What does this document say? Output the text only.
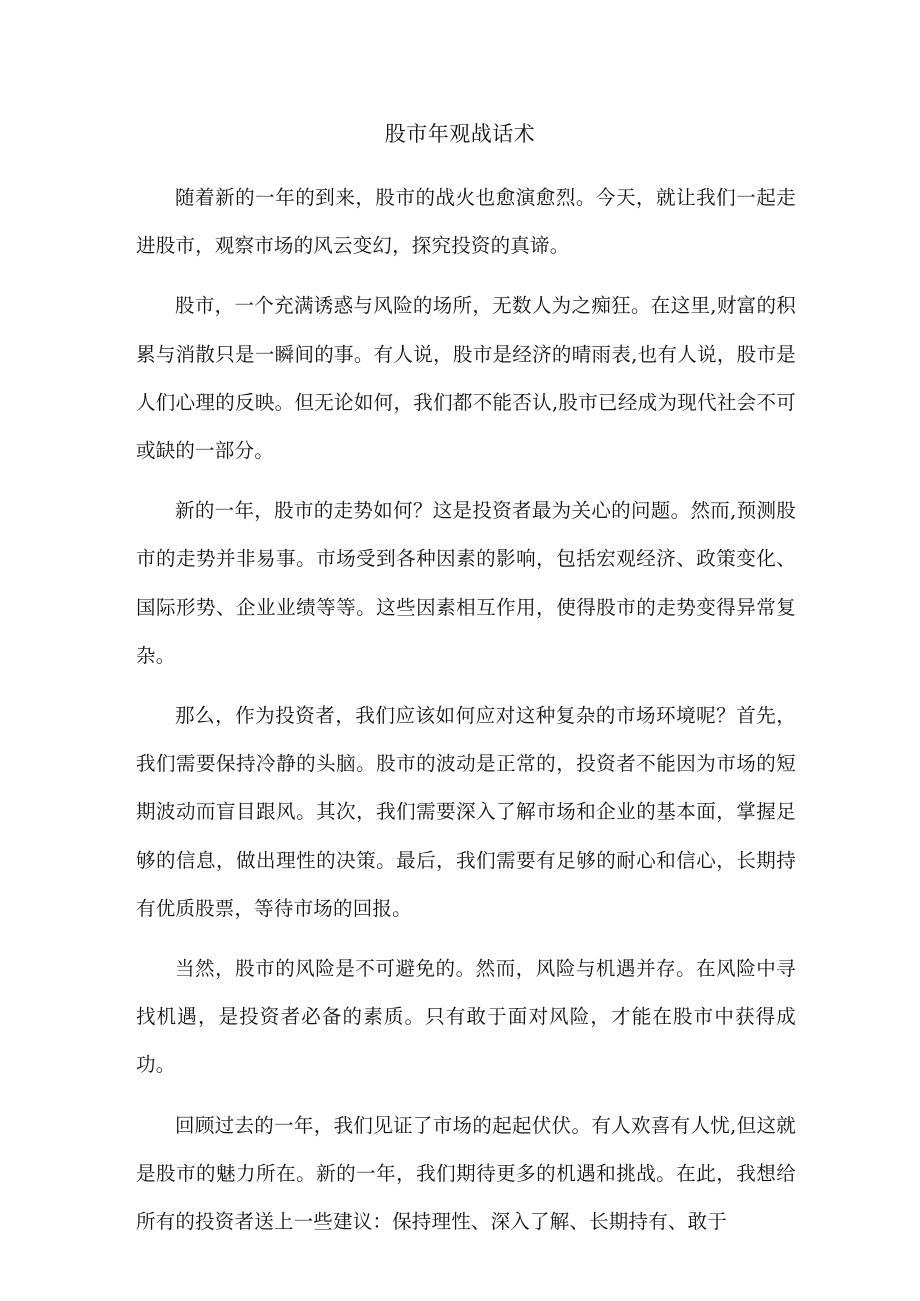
股市年观战话术

随着新的一年的到来，股市的战火也愈演愈烈。今天，就让我们一起走进股市，观察市场的风云变幻，探究投资的真谛。

股市，一个充满诱惑与风险的场所，无数人为之痴狂。在这里,财富的积累与消散只是一瞬间的事。有人说，股市是经济的晴雨表,也有人说，股市是人们心理的反映。但无论如何，我们都不能否认,股市已经成为现代社会不可或缺的一部分。

新的一年，股市的走势如何？这是投资者最为关心的问题。然而,预测股市的走势并非易事。市场受到各种因素的影响，包括宏观经济、政策变化、国际形势、企业业绩等等。这些因素相互作用，使得股市的走势变得异常复杂。

那么，作为投资者，我们应该如何应对这种复杂的市场环境呢？首先，我们需要保持冷静的头脑。股市的波动是正常的，投资者不能因为市场的短期波动而盲目跟风。其次，我们需要深入了解市场和企业的基本面，掌握足够的信息，做出理性的决策。最后，我们需要有足够的耐心和信心，长期持有优质股票，等待市场的回报。

当然，股市的风险是不可避免的。然而，风险与机遇并存。在风险中寻找机遇，是投资者必备的素质。只有敢于面对风险，才能在股市中获得成功。

回顾过去的一年，我们见证了市场的起起伏伏。有人欢喜有人忧,但这就是股市的魅力所在。新的一年，我们期待更多的机遇和挑战。在此，我想给所有的投资者送上一些建议：保持理性、深入了解、长期持有、敢于
